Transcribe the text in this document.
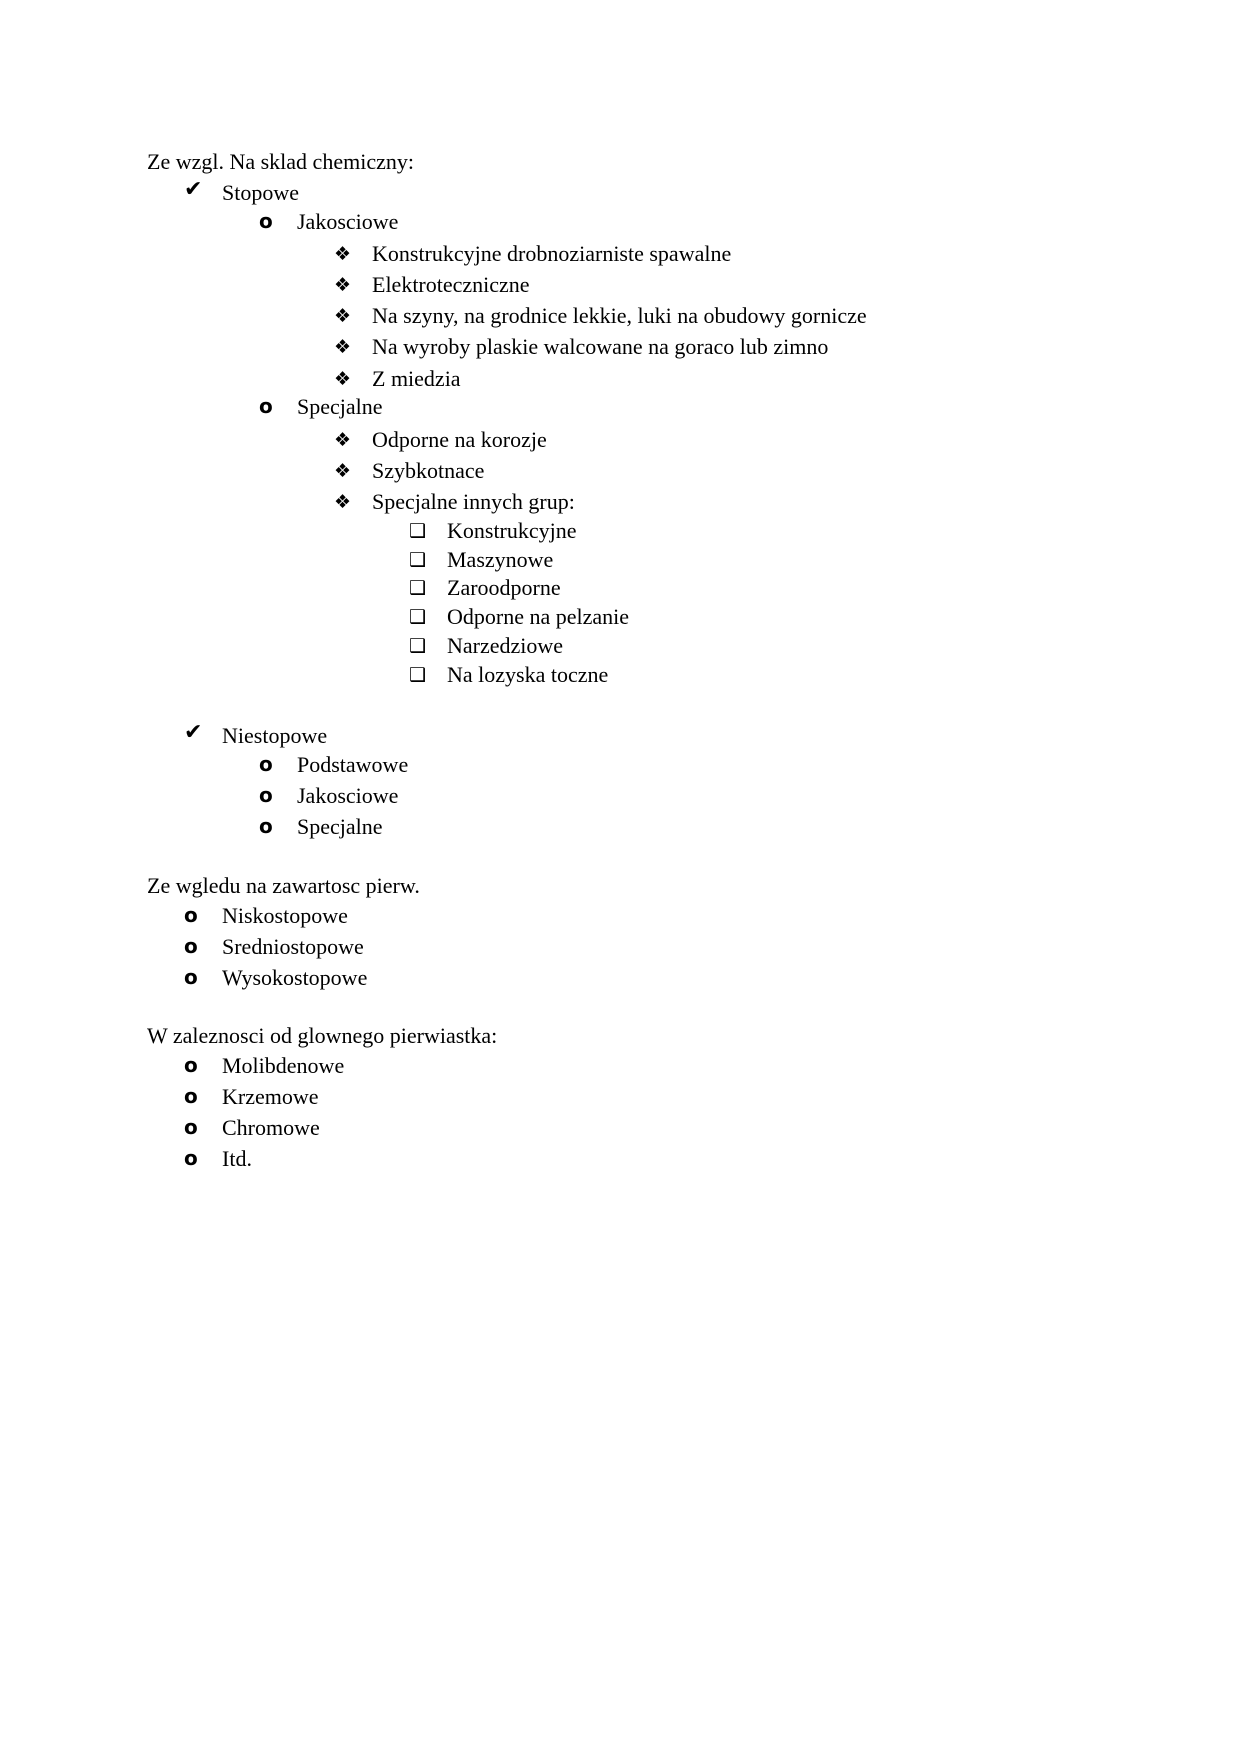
Ze wzgl. Na sklad chemiczny:
✔ Stopowe
o Jakosciowe
❖ Konstrukcyjne drobnoziarniste spawalne
❖ Elektrotecznicznе
❖ Na szyny, na grodnice lekkie, luki na obudowy gornicze
❖ Na wyroby plaskie walcowane na goraco lub zimno
❖ Z miedzia
o Specjalne
❖ Odporne na korozje
❖ Szybkotnace
❖ Specjalne innych grup:
❑ Konstrukcyjne
❑ Maszynowe
❑ Zaroodporne
❑ Odporne na pelzanie
❑ Narzedziowe
❑ Na lozyska toczne
✔ Niestopowe
o Podstawowe
o Jakosciowe
o Specjalne
Ze wgledu na zawartosc pierw.
o Niskostopowe
o Sredniostopowe
o Wysokostopowe
W zaleznosci od glownego pierwiastka:
o Molibdenowe
o Krzemowe
o Chromowe
o Itd.
